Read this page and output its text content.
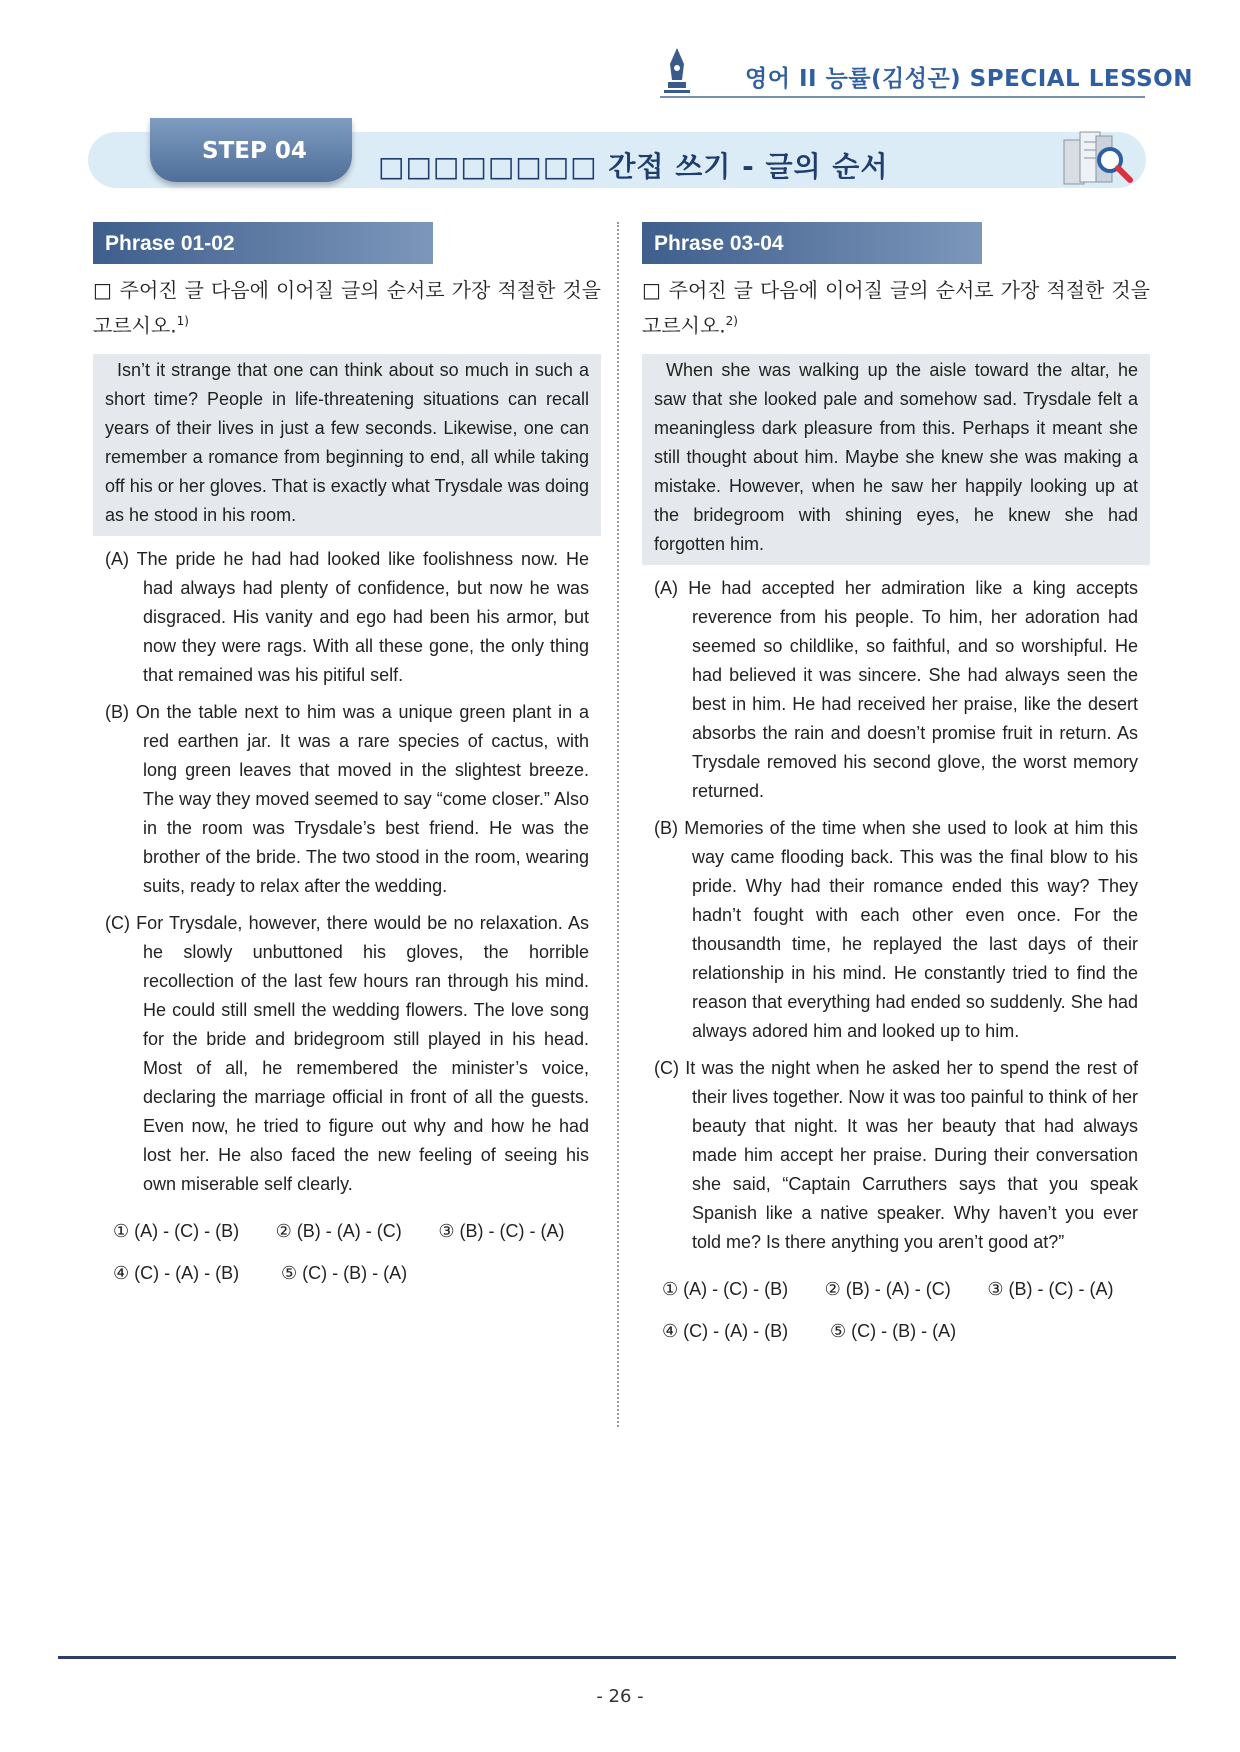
영어 II 능률(김성곤) SPECIAL LESSON
STEP 04	□□□□□□□□ 간접 쓰기 - 글의 순서
Phrase 01-02
□ 주어진 글 다음에 이어질 글의 순서로 가장 적절한 것을 고르시오.$^{1)}$

Isn’t it strange that one can think about so much in such a short time? People in life-threatening situations can recall years of their lives in just a few seconds. Likewise, one can remember a romance from beginning to end, all while taking off his or her gloves. That is exactly what Trysdale was doing as he stood in his room.

(A) The pride he had had looked like foolishness now. He had always had plenty of confidence, but now he was disgraced. His vanity and ego had been his armor, but now they were rags. With all these gone, the only thing that remained was his pitiful self.
(B) On the table next to him was a unique green plant in a red earthen jar. It was a rare species of cactus, with long green leaves that moved in the slightest breeze. The way they moved seemed to say “come closer.” Also in the room was Trysdale’s best friend. He was the brother of the bride. The two stood in the room, wearing suits, ready to relax after the wedding.
(C) For Trysdale, however, there would be no relaxation. As he slowly unbuttoned his gloves, the horrible recollection of the last few hours ran through his mind. He could still smell the wedding flowers. The love song for the bride and bridegroom still played in his head. Most of all, he remembered the minister’s voice, declaring the marriage official in front of all the guests. Even now, he tried to figure out why and how he had lost her. He also faced the new feeling of seeing his own miserable self clearly.
① (A) - (C) - (B)	② (B) - (A) - (C)	③ (B) - (C) - (A)
④ (C) - (A) - (B)	⑤ (C) - (B) - (A)
Phrase 03-04
□ 주어진 글 다음에 이어질 글의 순서로 가장 적절한 것을 고르시오.$^{2)}$

When she was walking up the aisle toward the altar, he saw that she looked pale and somehow sad. Trysdale felt a meaningless dark pleasure from this. Perhaps it meant she still thought about him. Maybe she knew she was making a mistake. However, when he saw her happily looking up at the bridegroom with shining eyes, he knew she had forgotten him.

(A) He had accepted her admiration like a king accepts reverence from his people. To him, her adoration had seemed so childlike, so faithful, and so worshipful. He had believed it was sincere. She had always seen the best in him. He had received her praise, like the desert absorbs the rain and doesn’t promise fruit in return. As Trysdale removed his second glove, the worst memory returned.
(B) Memories of the time when she used to look at him this way came flooding back. This was the final blow to his pride. Why had their romance ended this way? They hadn’t fought with each other even once. For the thousandth time, he replayed the last days of their relationship in his mind. He constantly tried to find the reason that everything had ended so suddenly. She had always adored him and looked up to him.
(C) It was the night when he asked her to spend the rest of their lives together. Now it was too painful to think of her beauty that night. It was her beauty that had always made him accept her praise. During their conversation she said, “Captain Carruthers says that you speak Spanish like a native speaker. Why haven’t you ever told me? Is there anything you aren’t good at?”
① (A) - (C) - (B)	② (B) - (A) - (C)	③ (B) - (C) - (A)
④ (C) - (A) - (B)	⑤ (C) - (B) - (A)
- 26 -
